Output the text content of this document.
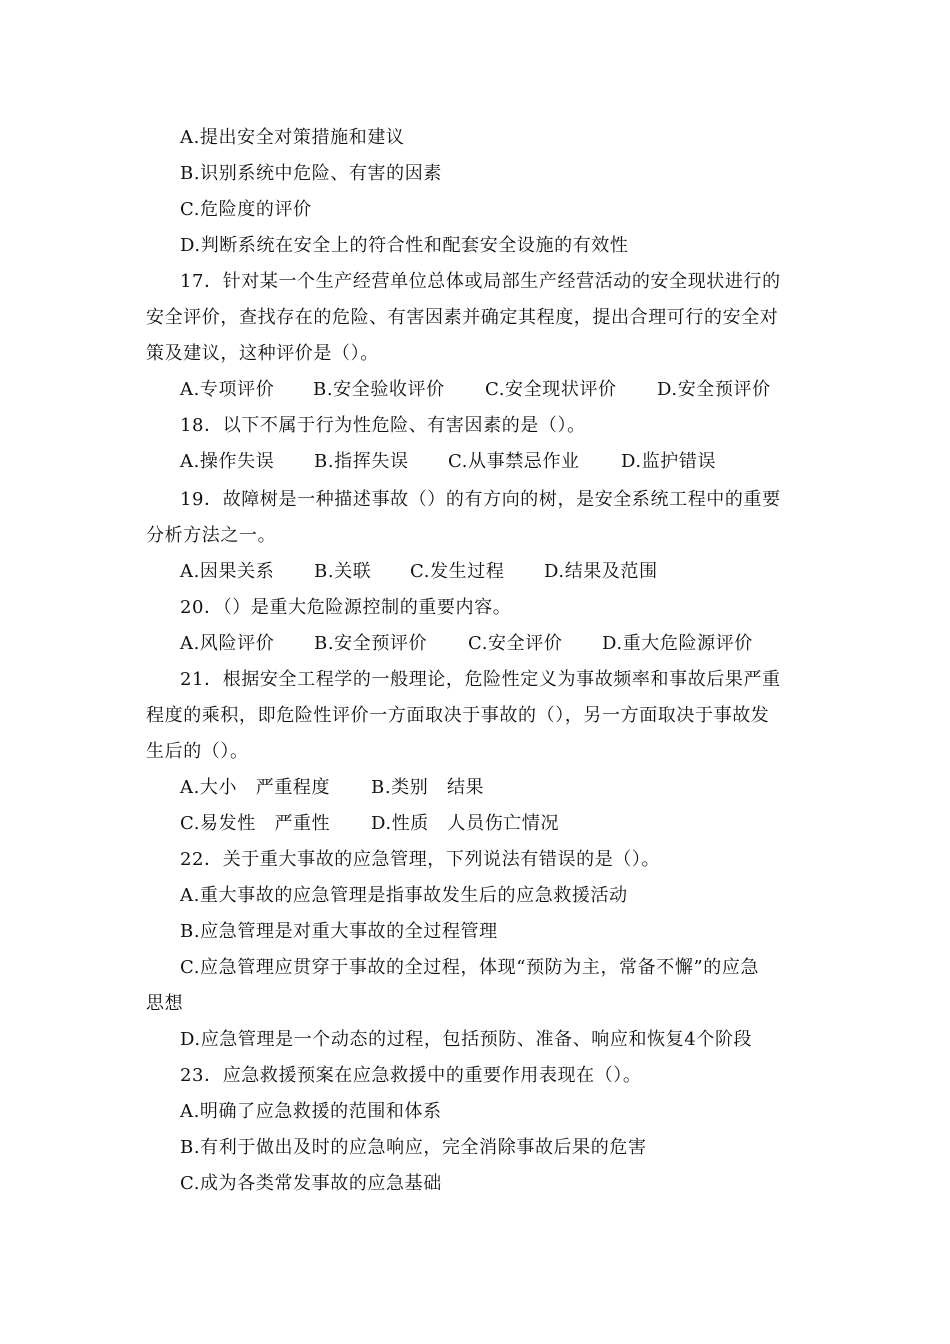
A.提出安全对策措施和建议
B.识别系统中危险、有害的因素
C.危险度的评价
D.判断系统在安全上的符合性和配套安全设施的有效性
17．针对某一个生产经营单位总体或局部生产经营活动的安全现状进行的
安全评价，查找存在的危险、有害因素并确定其程度，提出合理可行的安全对
策及建议，这种评价是（）。
A.专项评价	B.安全验收评价	C.安全现状评价	D.安全预评价
18．以下不属于行为性危险、有害因素的是（）。
A.操作失误	B.指挥失误	C.从事禁忌作业	D.监护错误
19．故障树是一种描述事故（）的有方向的树，是安全系统工程中的重要
分析方法之一。
A.因果关系	B.关联	C.发生过程	D.结果及范围
20．（）是重大危险源控制的重要内容。
A.风险评价	B.安全预评价	C.安全评价	D.重大危险源评价
21．根据安全工程学的一般理论，危险性定义为事故频率和事故后果严重
程度的乘积，即危险性评价一方面取决于事故的（），另一方面取决于事故发
生后的（）。
A.大小　严重程度	B.类别　结果
C.易发性　严重性	D.性质　人员伤亡情况
22．关于重大事故的应急管理，下列说法有错误的是（）。
A.重大事故的应急管理是指事故发生后的应急救援活动
B.应急管理是对重大事故的全过程管理
C.应急管理应贯穿于事故的全过程，体现“预防为主，常备不懈”的应急
思想
D.应急管理是一个动态的过程，包括预防、准备、响应和恢复4个阶段
23．应急救援预案在应急救援中的重要作用表现在（）。
A.明确了应急救援的范围和体系
B.有利于做出及时的应急响应，完全消除事故后果的危害
C.成为各类常发事故的应急基础
